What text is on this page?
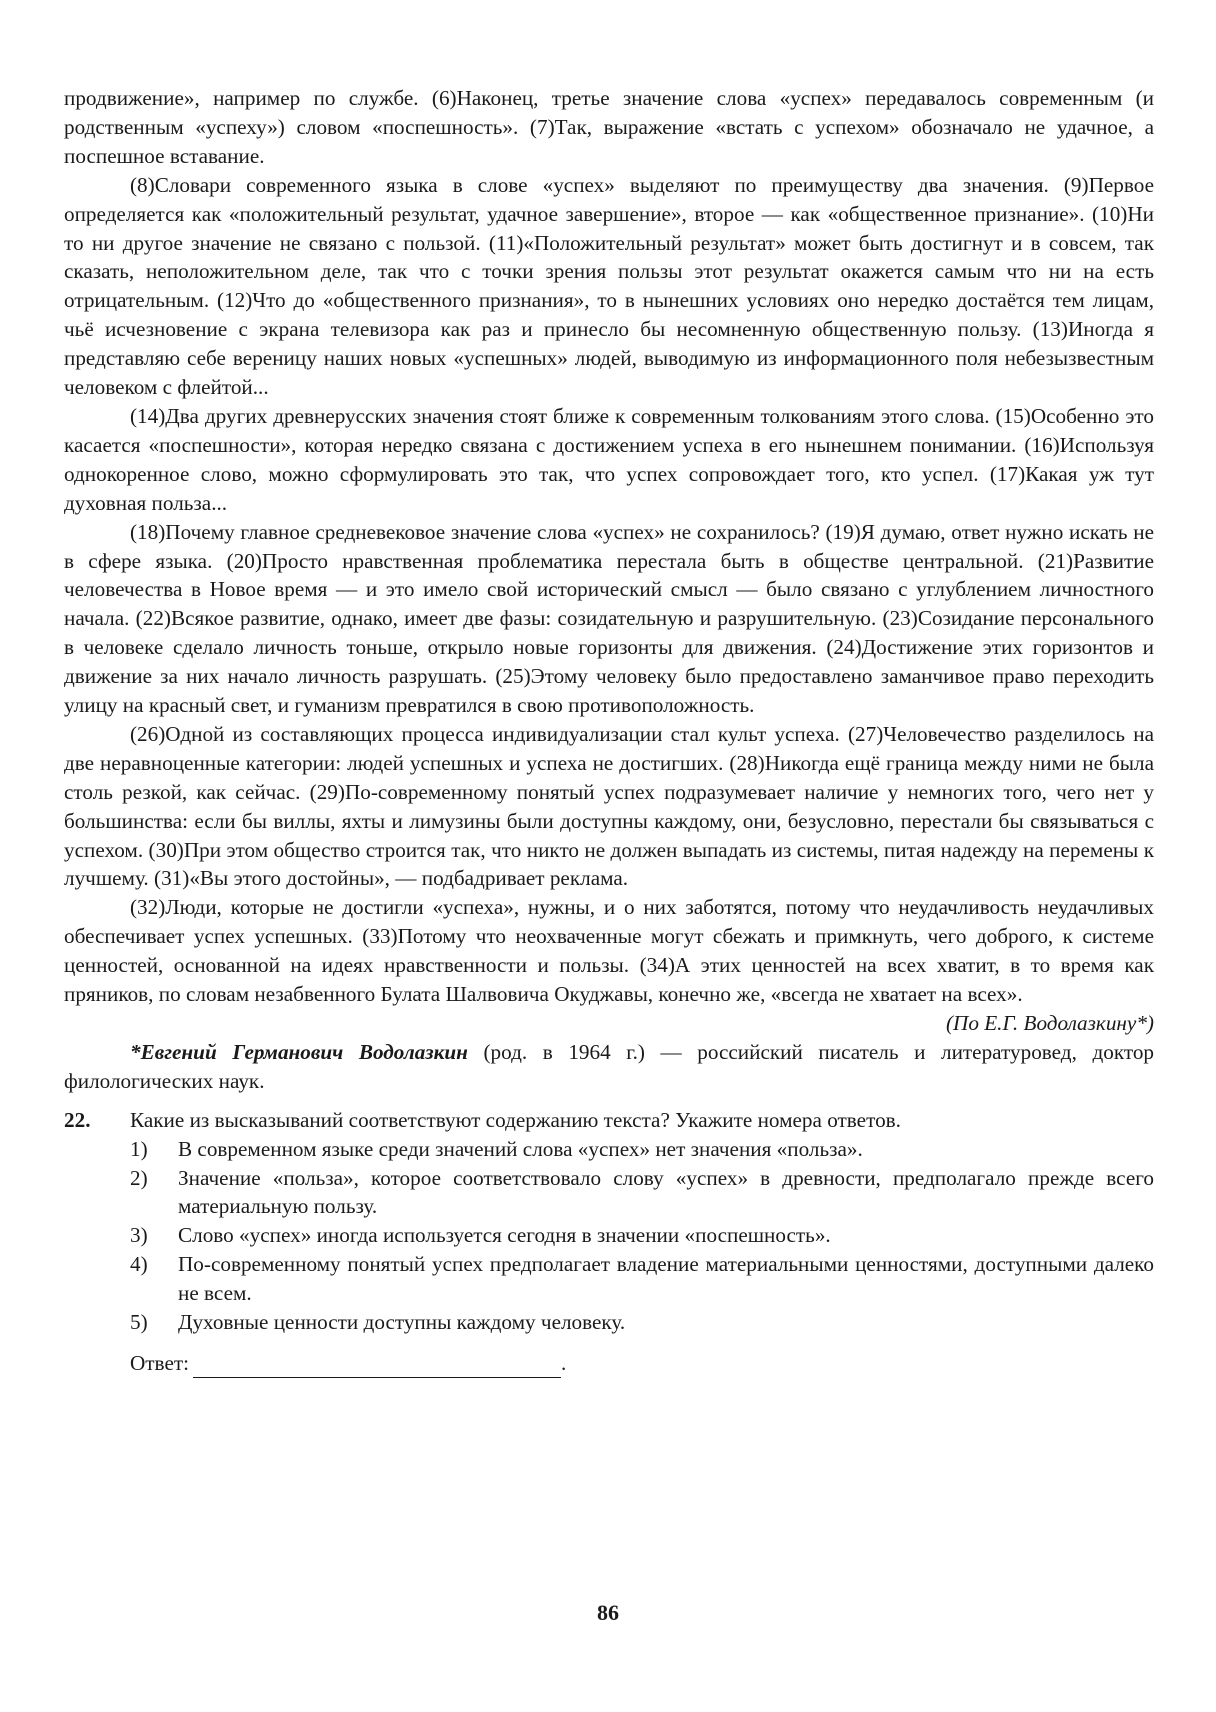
продвижение», например по службе. (6)Наконец, третье значение слова «успех» передавалось современным (и родственным «успеху») словом «поспешность». (7)Так, выражение «встать с успехом» обозначало не удачное, а поспешное вставание.

(8)Словари современного языка в слове «успех» выделяют по преимуществу два значения. (9)Первое определяется как «положительный результат, удачное завершение», второе — как «общественное признание». (10)Ни то ни другое значение не связано с пользой. (11)«Положительный результат» может быть достигнут и в совсем, так сказать, неположительном деле, так что с точки зрения пользы этот результат окажется самым что ни на есть отрицательным. (12)Что до «общественного признания», то в нынешних условиях оно нередко достаётся тем лицам, чьё исчезновение с экрана телевизора как раз и принесло бы несомненную общественную пользу. (13)Иногда я представляю себе вереницу наших новых «успешных» людей, выводимую из информационного поля небезызвестным человеком с флейтой...

(14)Два других древнерусских значения стоят ближе к современным толкованиям этого слова. (15)Особенно это касается «поспешности», которая нередко связана с достижением успеха в его нынешнем понимании. (16)Используя однокоренное слово, можно сформулировать это так, что успех сопровождает того, кто успел. (17)Какая уж тут духовная польза...

(18)Почему главное средневековое значение слова «успех» не сохранилось? (19)Я думаю, ответ нужно искать не в сфере языка. (20)Просто нравственная проблематика перестала быть в обществе центральной. (21)Развитие человечества в Новое время — и это имело свой исторический смысл — было связано с углублением личностного начала. (22)Всякое развитие, однако, имеет две фазы: созидательную и разрушительную. (23)Созидание персонального в человеке сделало личность тоньше, открыло новые горизонты для движения. (24)Достижение этих горизонтов и движение за них начало личность разрушать. (25)Этому человеку было предоставлено заманчивое право переходить улицу на красный свет, и гуманизм превратился в свою противоположность.

(26)Одной из составляющих процесса индивидуализации стал культ успеха. (27)Человечество разделилось на две неравноценные категории: людей успешных и успеха не достигших. (28)Никогда ещё граница между ними не была столь резкой, как сейчас. (29)По-современному понятый успех подразумевает наличие у немногих того, чего нет у большинства: если бы виллы, яхты и лимузины были доступны каждому, они, безусловно, перестали бы связываться с успехом. (30)При этом общество строится так, что никто не должен выпадать из системы, питая надежду на перемены к лучшему. (31)«Вы этого достойны», — подбадривает реклама.

(32)Люди, которые не достигли «успеха», нужны, и о них заботятся, потому что неудачливость неудачливых обеспечивает успех успешных. (33)Потому что неохваченные могут сбежать и примкнуть, чего доброго, к системе ценностей, основанной на идеях нравственности и пользы. (34)А этих ценностей на всех хватит, в то время как пряников, по словам незабвенного Булата Шалвовича Окуджавы, конечно же, «всегда не хватает на всех».

(По Е.Г. Водолазкину*)

*Евгений Германович Водолазкин (род. в 1964 г.) — российский писатель и литературовед, доктор филологических наук.

22.	Какие из высказываний соответствуют содержанию текста? Укажите номера ответов.
1)	В современном языке среди значений слова «успех» нет значения «польза».
2)	Значение «польза», которое соответствовало слову «успех» в древности, предполагало прежде всего материальную пользу.
3)	Слово «успех» иногда используется сегодня в значении «поспешность».
4)	По-современному понятый успех предполагает владение материальными ценностями, доступными далеко не всем.
5)	Духовные ценности доступны каждому человеку.
Ответ:	.
86
